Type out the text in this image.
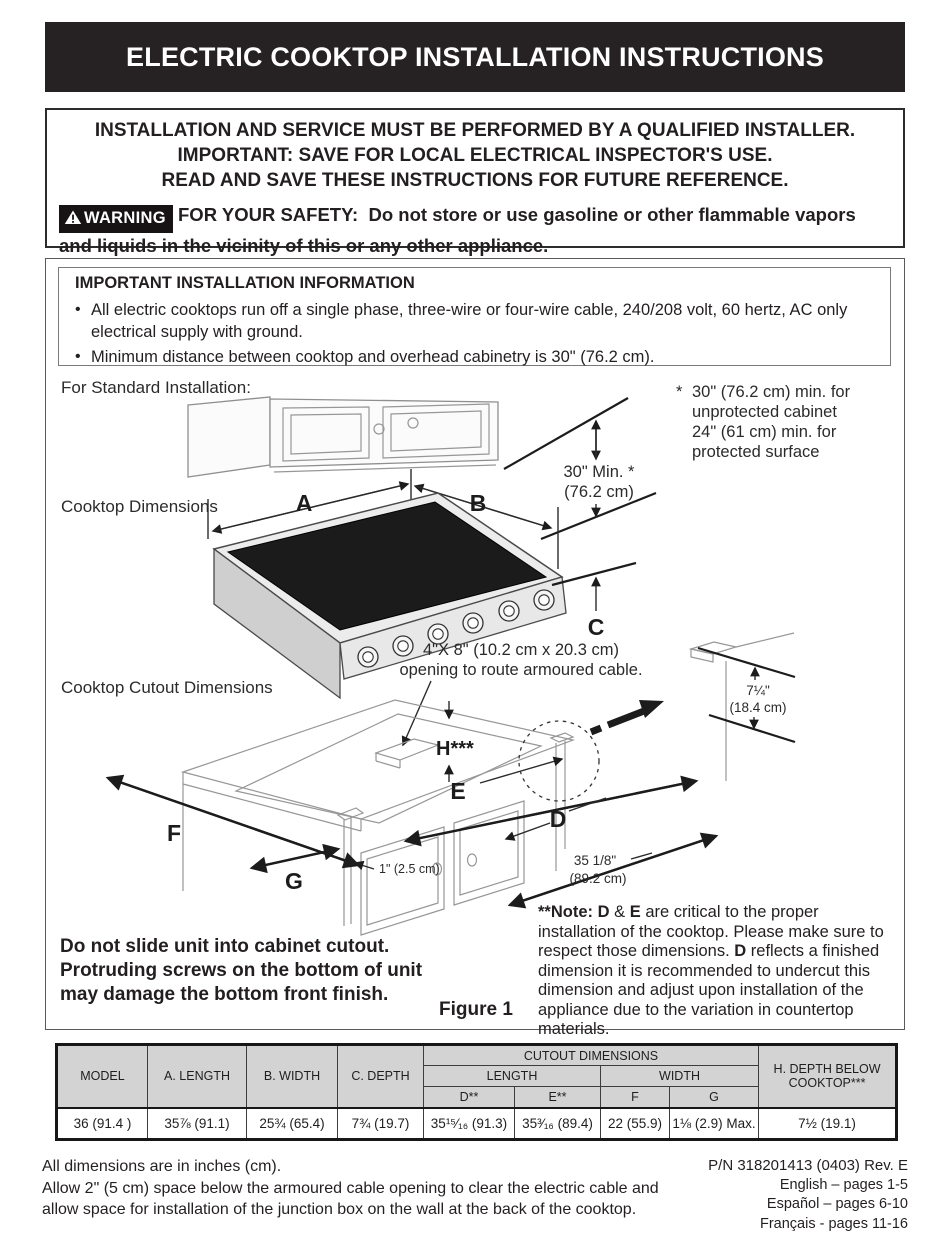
ELECTRIC COOKTOP INSTALLATION INSTRUCTIONS
INSTALLATION AND SERVICE MUST BE PERFORMED BY A QUALIFIED INSTALLER.
IMPORTANT: SAVE FOR LOCAL ELECTRICAL INSPECTOR'S USE.
READ AND SAVE THESE INSTRUCTIONS FOR FUTURE REFERENCE.

WARNING FOR YOUR SAFETY: Do not store or use gasoline or other flammable vapors and liquids in the vicinity of this or any other appliance.

IMPORTANT INSTALLATION INFORMATION
• All electric cooktops run off a single phase, three-wire or four-wire cable, 240/208 volt, 60 hertz, AC only electrical supply with ground.
• Minimum distance between cooktop and overhead cabinetry is 30" (76.2 cm).
For Standard Installation:	* 30" (76.2 cm) min. for
unprotected cabinet
24" (61 cm) min. for
protected surface
30" Min. *
(76.2 cm)
Cooktop Dimensions	A	B
C
4"X 8" (10.2 cm x 20.3 cm)
opening to route armoured cable.
Cooktop Cutout Dimensions
H***
E
F
G	1" (2.5 cm)
D
35 1/8"
(89.2 cm)
7¼"
(18.4 cm)
**Note: D & E are critical to the proper installation of the cooktop. Please make sure to respect those dimensions. D reflects a finished dimension it is recommended to undercut this dimension and adjust upon installation of the appliance due to the variation in countertop materials.
Do not slide unit into cabinet cutout. Protruding screws on the bottom of unit may damage the bottom front finish.
Figure 1
MODEL	A. LENGTH	B. WIDTH	C. DEPTH	CUTOUT DIMENSIONS				H. DEPTH BELOW
COOKTOP***

				LENGTH		WIDTH		
				D**	E**	F	G	
36 (91.4 )	35⅞ (91.1)	25¾ (65.4)	7¾ (19.7)	35¹⁵⁄₁₆ (91.3)	35³⁄₁₆ (89.4)	22 (55.9)	1⅛ (2.9) Max.	7½ (19.1)
All dimensions are in inches (cm).
Allow 2" (5 cm) space below the armoured cable opening to clear the electric cable and allow space for installation of the junction box on the wall at the back of the cooktop.
P/N 318201413 (0403) Rev. E
English – pages 1-5
Español – pages 6-10
Français - pages 11-16
